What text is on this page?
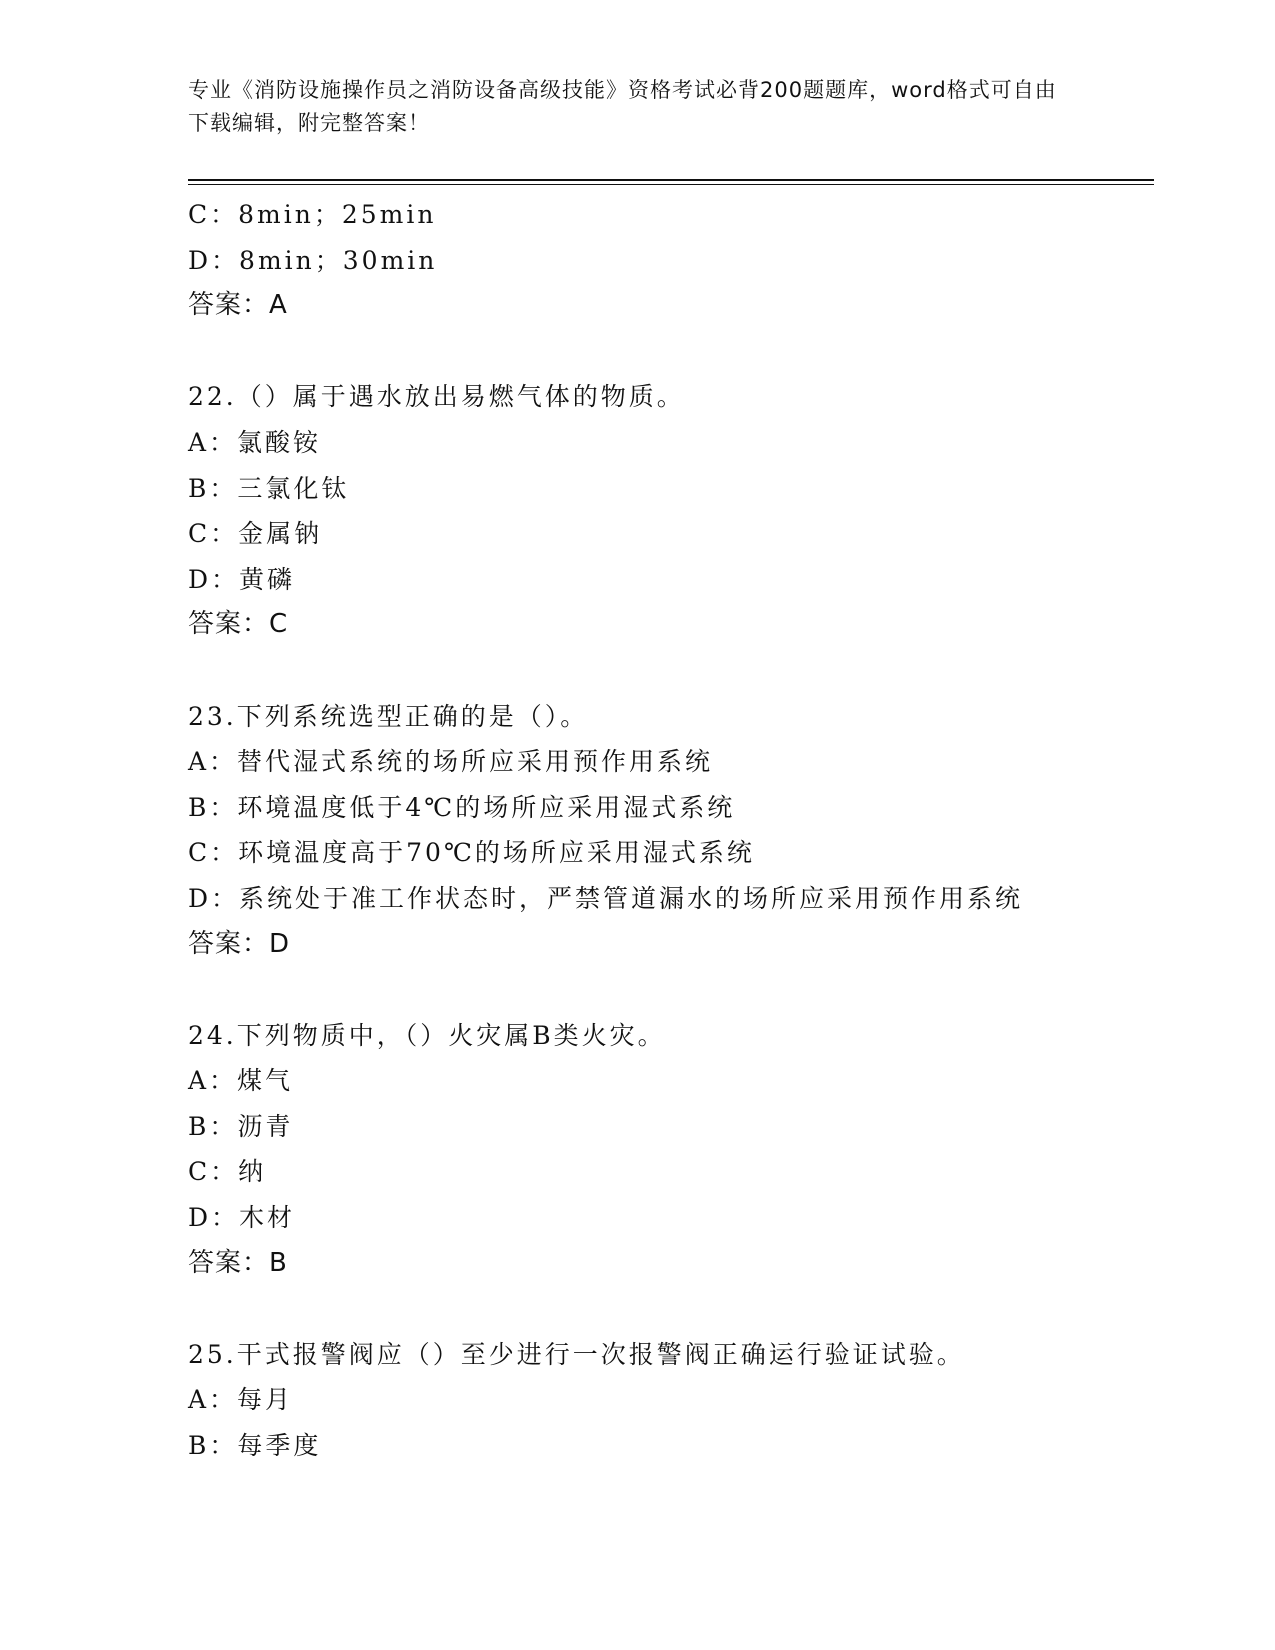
专业《消防设施操作员之消防设备高级技能》资格考试必背200题题库，word格式可自由下载编辑，附完整答案！
C：8min；25min
D：8min；30min
答案：A
22.（）属于遇水放出易燃气体的物质。
A：氯酸铵
B：三氯化钛
C：金属钠
D：黄磷
答案：C
23.下列系统选型正确的是（）。
A：替代湿式系统的场所应采用预作用系统
B：环境温度低于4℃的场所应采用湿式系统
C：环境温度高于70℃的场所应采用湿式系统
D：系统处于准工作状态时，严禁管道漏水的场所应采用预作用系统
答案：D
24.下列物质中，（）火灾属B类火灾。
A：煤气
B：沥青
C：纳
D：木材
答案：B
25.干式报警阀应（）至少进行一次报警阀正确运行验证试验。
A：每月
B：每季度
